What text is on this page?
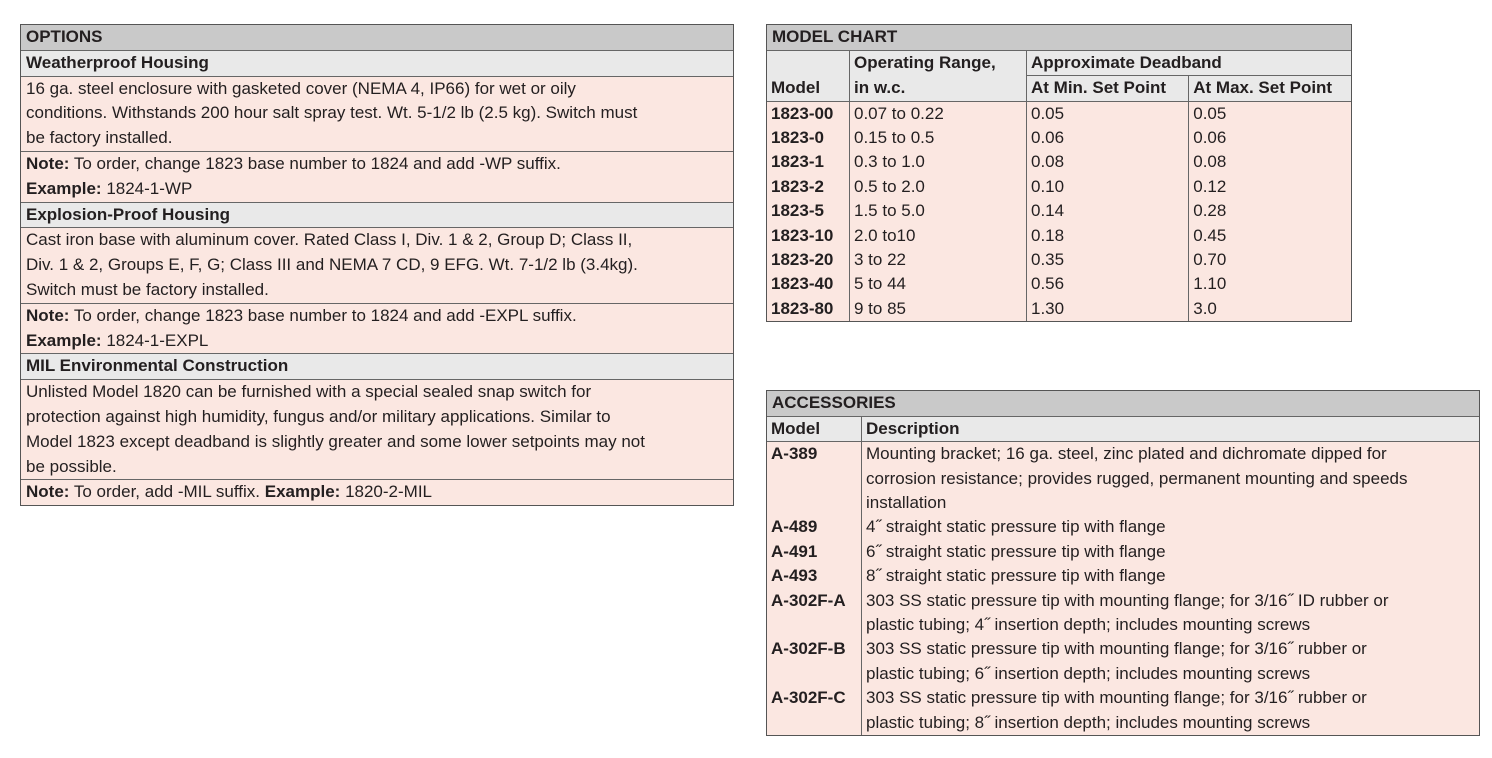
OPTIONS
Weatherproof Housing
16 ga. steel enclosure with gasketed cover (NEMA 4, IP66) for wet or oily
conditions. Withstands 200 hour salt spray test. Wt. 5-1/2 lb (2.5 kg). Switch must
be factory installed.
Note: To order, change 1823 base number to 1824 and add -WP suffix.
Example: 1824-1-WP
Explosion-Proof Housing
Cast iron base with aluminum cover. Rated Class I, Div. 1 & 2, Group D; Class II,
Div. 1 & 2, Groups E, F, G; Class III and NEMA 7 CD, 9 EFG. Wt. 7-1/2 lb (3.4kg).
Switch must be factory installed.
Note: To order, change 1823 base number to 1824 and add -EXPL suffix.
Example: 1824-1-EXPL
MIL Environmental Construction
Unlisted Model 1820 can be furnished with a special sealed snap switch for
protection against high humidity, fungus and/or military applications. Similar to
Model 1823 except deadband is slightly greater and some lower setpoints may not
be possible.
Note: To order, add -MIL suffix. Example: 1820-2-MIL
MODEL CHART
	Operating Range,	Approximate Deadband	
Model	in w.c.	At Min. Set Point	At Max. Set Point
1823-00	0.07 to 0.22	0.05	0.05
1823-0	0.15 to 0.5	0.06	0.06
1823-1	0.3 to 1.0	0.08	0.08
1823-2	0.5 to 2.0	0.10	0.12
1823-5	1.5 to 5.0	0.14	0.28
1823-10	2.0 to10	0.18	0.45
1823-20	3 to 22	0.35	0.70
1823-40	5 to 44	0.56	1.10
1823-80	9 to 85	1.30	3.0
ACCESSORIES
Model	Description
A-389	Mounting bracket; 16 ga. steel, zinc plated and dichromate dipped for
corrosion resistance; provides rugged, permanent mounting and speeds
installation

A-489	4˝ straight static pressure tip with flange

A-491	6˝ straight static pressure tip with flange

A-493	8˝ straight static pressure tip with flange

A-302F-A	303 SS static pressure tip with mounting flange; for 3/16˝ ID rubber or
plastic tubing; 4˝ insertion depth; includes mounting screws

A-302F-B	303 SS static pressure tip with mounting flange; for 3/16˝ rubber or
plastic tubing; 6˝ insertion depth; includes mounting screws

A-302F-C	303 SS static pressure tip with mounting flange; for 3/16˝ rubber or
plastic tubing; 8˝ insertion depth; includes mounting screws
